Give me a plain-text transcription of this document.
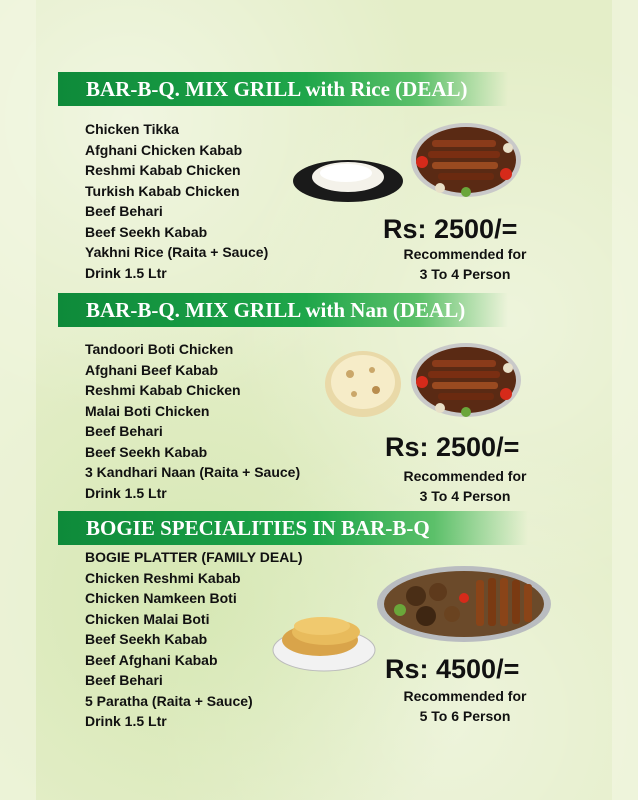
BAR-B-Q. MIX GRILL with Rice (DEAL)
Chicken Tikka
Afghani Chicken Kabab
Reshmi Kabab Chicken
Turkish Kabab Chicken
Beef Behari
Beef Seekh Kabab
Yakhni Rice (Raita + Sauce)
Drink 1.5 Ltr
Rs: 2500/=
Recommended for
3 To 4 Person
BAR-B-Q. MIX GRILL with Nan (DEAL)
Tandoori Boti Chicken
Afghani Beef Kabab
Reshmi Kabab Chicken
Malai Boti Chicken
Beef Behari
Beef Seekh Kabab
3 Kandhari Naan (Raita + Sauce)
Drink 1.5 Ltr
Rs: 2500/=
Recommended for
3 To 4 Person
BOGIE SPECIALITIES IN BAR-B-Q
BOGIE PLATTER (FAMILY DEAL)
Chicken Reshmi Kabab
Chicken Namkeen Boti
Chicken Malai Boti
Beef Seekh Kabab
Beef Afghani Kabab
Beef Behari
5 Paratha (Raita + Sauce)
Drink 1.5 Ltr
Rs: 4500/=
Recommended for
5 To 6 Person
